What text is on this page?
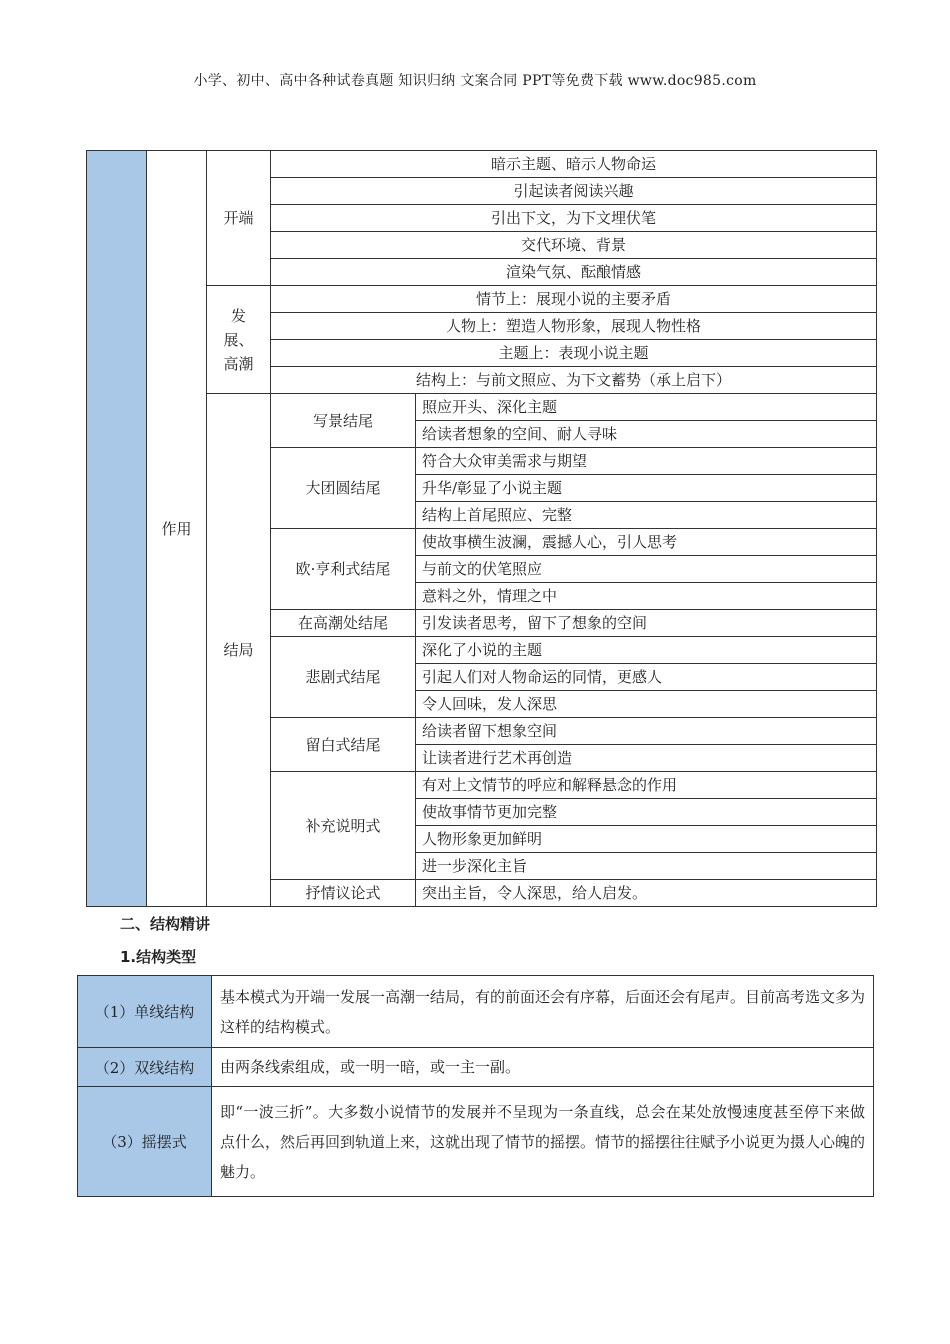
小学、初中、高中各种试卷真题 知识归纳 文案合同 PPT等免费下载 www.doc985.com
	作用	开端	暗示主题、暗示人物命运	
			引起读者阅读兴趣	
			引出下文，为下文埋伏笔	
			交代环境、背景	
			渲染气氛、酝酿情感	

		发
展、
高潮	情节上：展现小说的主要矛盾	
			人物上：塑造人物形象，展现人物性格	
			主题上：表现小说主题	
			结构上：与前文照应、为下文蓄势（承上启下）	
		结局	写景结尾	照应开头、深化主题
				给读者想象的空间、耐人寻味
			大团圆结尾	符合大众审美需求与期望
				升华/彰显了小说主题
				结构上首尾照应、完整
			欧·亨利式结尾	使故事横生波澜，震撼人心，引人思考
				与前文的伏笔照应
				意料之外，情理之中
			在高潮处结尾	引发读者思考，留下了想象的空间
			悲剧式结尾	深化了小说的主题
				引起人们对人物命运的同情，更感人
				令人回味，发人深思
			留白式结尾	给读者留下想象空间
				让读者进行艺术再创造
			补充说明式	有对上文情节的呼应和解释悬念的作用
				使故事情节更加完整
				人物形象更加鲜明
				进一步深化主旨
			抒情议论式	突出主旨，令人深思，给人启发。
二、结构精讲
1.结构类型
（1）单线结构	基本模式为开端一发展一高潮一结局，有的前面还会有序幕，后面还会有尾声。目前高考选文多为这样的结构模式。
（2）双线结构	由两条线索组成，或一明一暗，或一主一副。
（3）摇摆式	即“一波三折”。大多数小说情节的发展并不呈现为一条直线，总会在某处放慢速度甚至停下来做点什么，然后再回到轨道上来，这就出现了情节的摇摆。情节的摇摆往往赋予小说更为摄人心魄的魅力。
